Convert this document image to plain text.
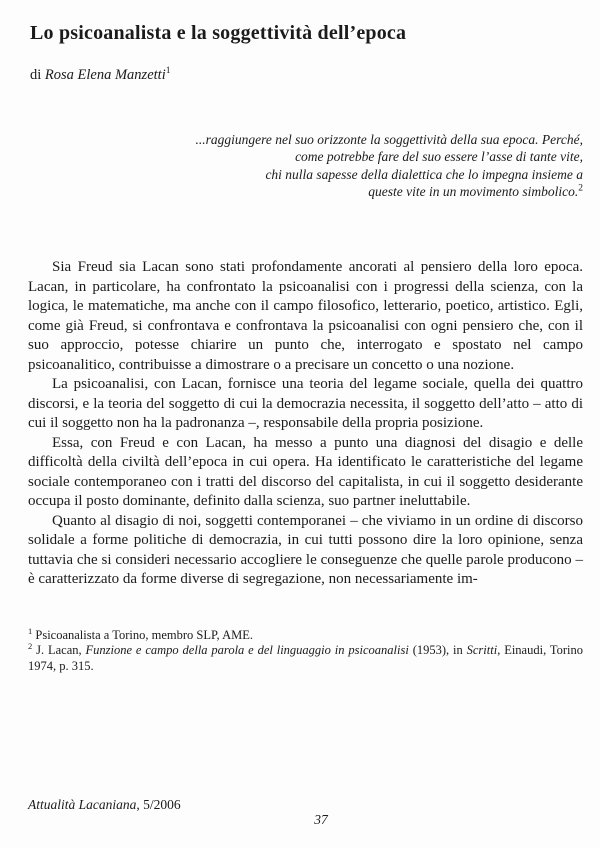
Lo psicoanalista e la soggettività dell’epoca
di Rosa Elena Manzetti$^1$
...raggiungere nel suo orizzonte la soggettività della sua epoca. Perché,
come potrebbe fare del suo essere l’asse di tante vite,
chi nulla sapesse della dialettica che lo impegna insieme a
queste vite in un movimento simbolico.$^2$

Sia Freud sia Lacan sono stati profondamente ancorati al pensiero della loro epoca. Lacan, in particolare, ha confrontato la psicoanalisi con i progressi della scienza, con la logica, le matematiche, ma anche con il campo filosofico, letterario, poetico, artistico. Egli, come già Freud, si confrontava e confrontava la psicoanalisi con ogni pensiero che, con il suo approccio, potesse chiarire un punto che, interrogato e spostato nel campo psicoanalitico, contribuisse a dimostrare o a precisare un concetto o una nozione.

La psicoanalisi, con Lacan, fornisce una teoria del legame sociale, quella dei quattro discorsi, e la teoria del soggetto di cui la democrazia necessita, il soggetto dell’atto – atto di cui il soggetto non ha la padronanza –, responsabile della propria posizione.

Essa, con Freud e con Lacan, ha messo a punto una diagnosi del disagio e delle difficoltà della civiltà dell’epoca in cui opera. Ha identificato le caratteristiche del legame sociale contemporaneo con i tratti del discorso del capitalista, in cui il soggetto desiderante occupa il posto dominante, definito dalla scienza, suo partner ineluttabile.

Quanto al disagio di noi, soggetti contemporanei – che viviamo in un ordine di discorso solidale a forme politiche di democrazia, in cui tutti possono dire la loro opinione, senza tuttavia che si consideri necessario accogliere le conseguenze che quelle parole producono – è caratterizzato da forme diverse di segregazione, non necessariamente im-

$^1$ Psicoanalista a Torino, membro SLP, AME.

$^2$ J. Lacan, Funzione e campo della parola e del linguaggio in psicoanalisi (1953), in Scritti, Einaudi, Torino 1974, p. 315.

Attualità Lacaniana, 5/2006
37
